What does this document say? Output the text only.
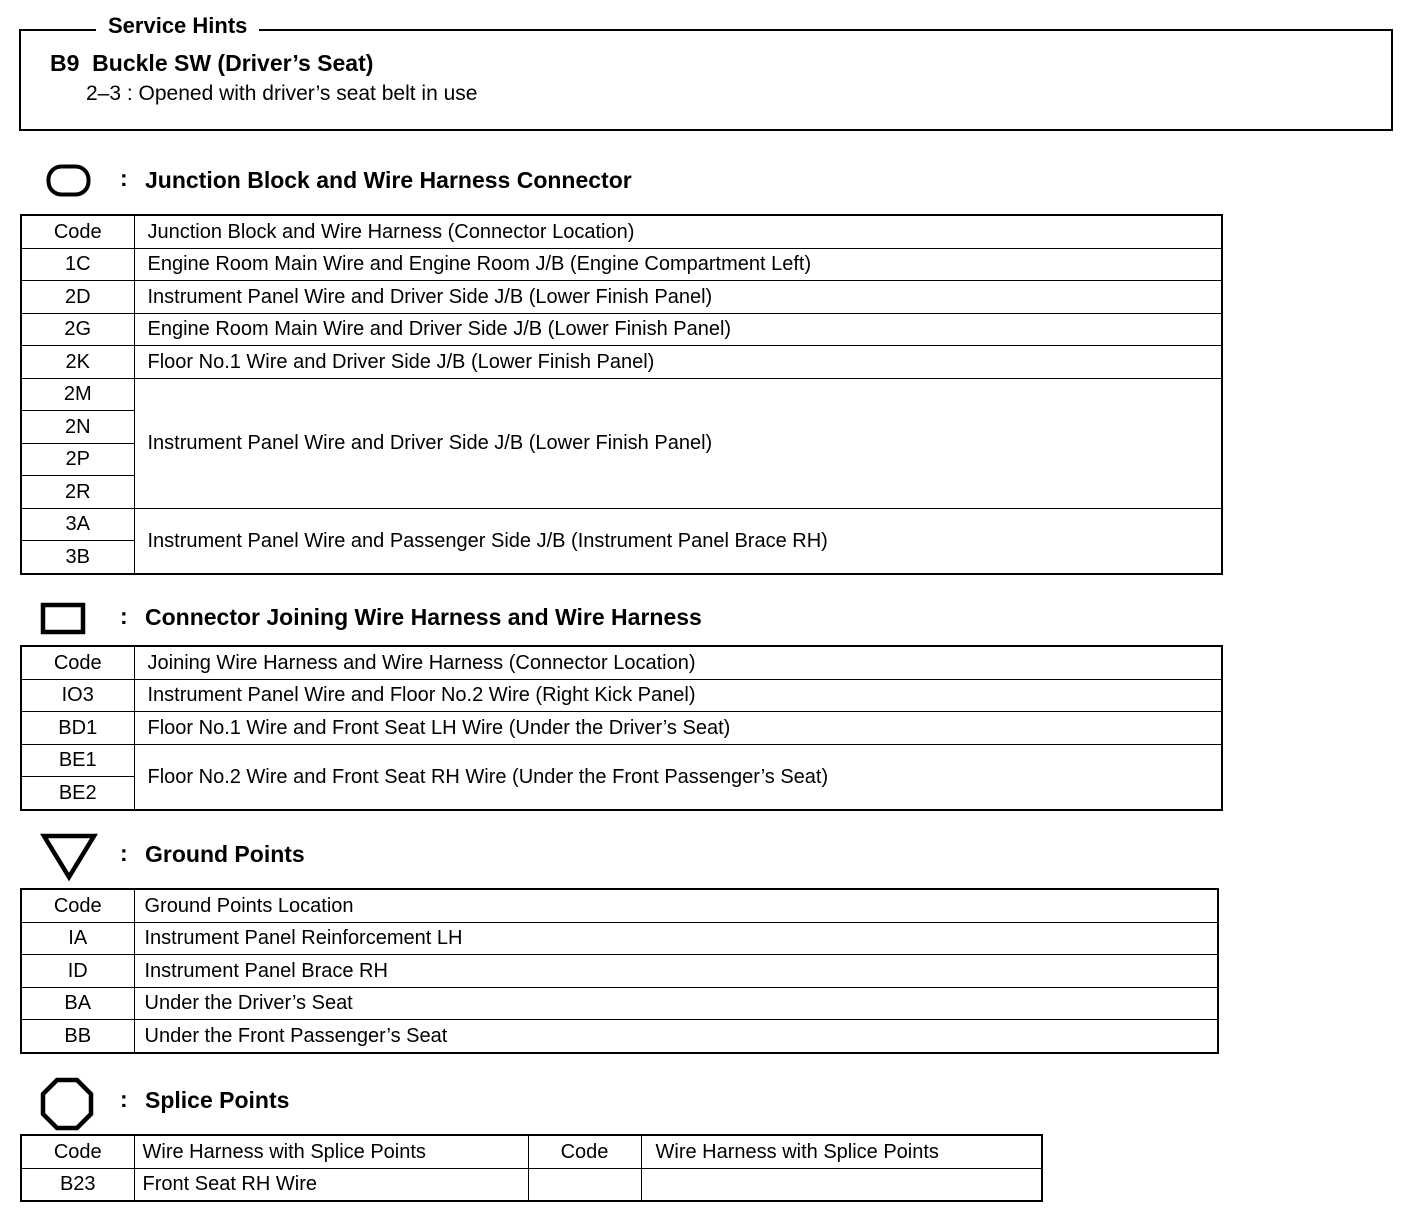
Service Hints
B9  Buckle SW (Driver’s Seat)
2–3 : Opened with driver’s seat belt in use
: Junction Block and Wire Harness Connector
Code	Junction Block and Wire Harness (Connector Location)
1C	Engine Room Main Wire and Engine Room J/B (Engine Compartment Left)
2D	Instrument Panel Wire and Driver Side J/B (Lower Finish Panel)
2G	Engine Room Main Wire and Driver Side J/B (Lower Finish Panel)
2K	Floor No.1 Wire and Driver Side J/B (Lower Finish Panel)
2M	Instrument Panel Wire and Driver Side J/B (Lower Finish Panel)
2N	
2P	
2R	
3A	Instrument Panel Wire and Passenger Side J/B (Instrument Panel Brace RH)
3B	
: Connector Joining Wire Harness and Wire Harness
Code	Joining Wire Harness and Wire Harness (Connector Location)
IO3	Instrument Panel Wire and Floor No.2 Wire (Right Kick Panel)
BD1	Floor No.1 Wire and Front Seat LH Wire (Under the Driver’s Seat)
BE1	Floor No.2 Wire and Front Seat RH Wire (Under the Front Passenger’s Seat)
BE2	
: Ground Points
Code	Ground Points Location
IA	Instrument Panel Reinforcement LH
ID	Instrument Panel Brace RH
BA	Under the Driver’s Seat
BB	Under the Front Passenger’s Seat
: Splice Points
Code	Wire Harness with Splice Points	Code	Wire Harness with Splice Points
B23	Front Seat RH Wire		
